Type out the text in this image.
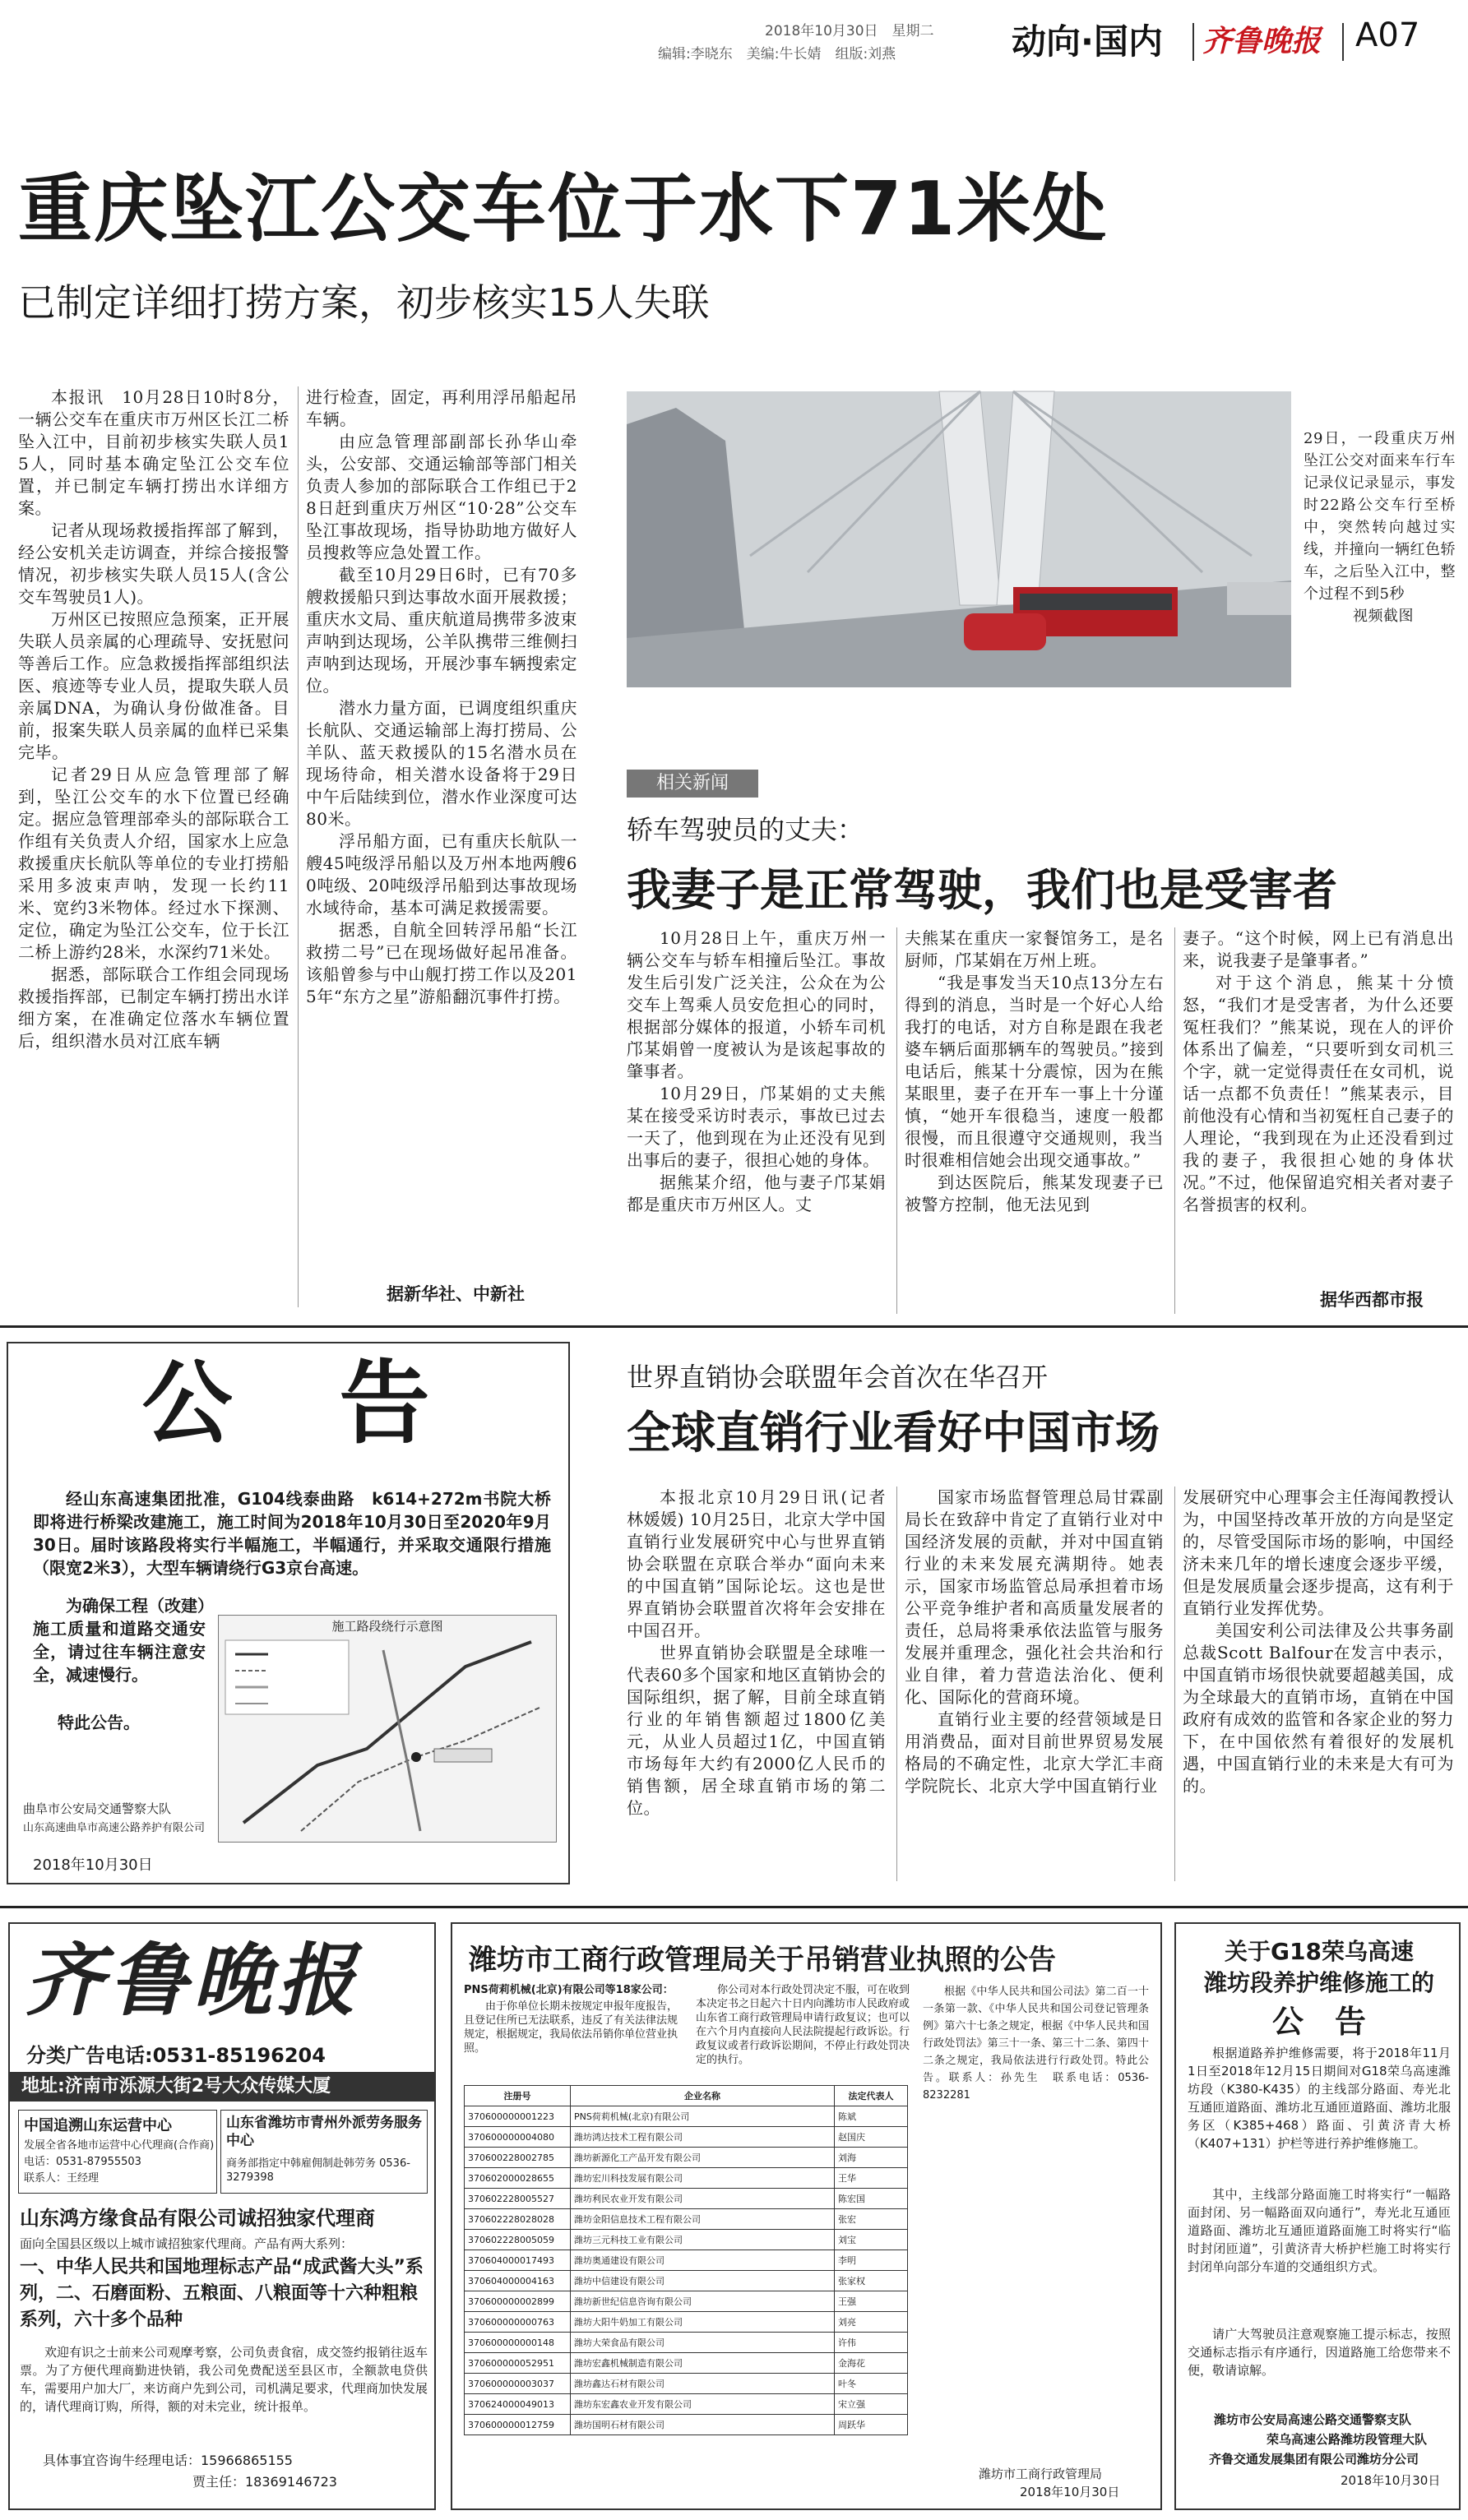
2018年10月30日　星期二
编辑:李晓东　美编:牛长婧　组版:刘燕	动向·国内 齐鲁晚报 A07
重庆坠江公交车位于水下71米处
已制定详细打捞方案，初步核实15人失联

本报讯　10月28日10时8分，一辆公交车在重庆市万州区长江二桥坠入江中，目前初步核实失联人员15人，同时基本确定坠江公交车位置，并已制定车辆打捞出水详细方案。

记者从现场救援指挥部了解到，经公安机关走访调查，并综合接报警情况，初步核实失联人员15人(含公交车驾驶员1人)。

万州区已按照应急预案，正开展失联人员亲属的心理疏导、安抚慰问等善后工作。应急救援指挥部组织法医、痕迹等专业人员，提取失联人员亲属DNA，为确认身份做准备。目前，报案失联人员亲属的血样已采集完毕。

记者29日从应急管理部了解到，坠江公交车的水下位置已经确定。据应急管理部牵头的部际联合工作组有关负责人介绍，国家水上应急救援重庆长航队等单位的专业打捞船采用多波束声呐，发现一长约11米、宽约3米物体。经过水下探测、定位，确定为坠江公交车，位于长江二桥上游约28米，水深约71米处。

据悉，部际联合工作组会同现场救援指挥部，已制定车辆打捞出水详细方案，在准确定位落水车辆位置后，组织潜水员对江底车辆

进行检查，固定，再利用浮吊船起吊车辆。

由应急管理部副部长孙华山牵头，公安部、交通运输部等部门相关负责人参加的部际联合工作组已于28日赶到重庆万州区“10·28”公交车坠江事故现场，指导协助地方做好人员搜救等应急处置工作。

截至10月29日6时，已有70多艘救援船只到达事故水面开展救援；重庆水文局、重庆航道局携带多波束声呐到达现场，公羊队携带三维侧扫声呐到达现场，开展沙事车辆搜索定位。

潜水力量方面，已调度组织重庆长航队、交通运输部上海打捞局、公羊队、蓝天救援队的15名潜水员在现场待命，相关潜水设备将于29日中午后陆续到位，潜水作业深度可达80米。

浮吊船方面，已有重庆长航队一艘45吨级浮吊船以及万州本地两艘60吨级、20吨级浮吊船到达事故现场水域待命，基本可满足救援需要。

据悉，自航全回转浮吊船“长江救捞二号”已在现场做好起吊准备。该船曾参与中山舰打捞工作以及2015年“东方之星”游船翻沉事件打捞。

据新华社、中新社
29日，一段重庆万州坠江公交对面来车行车记录仪记录显示，事发时22路公交车行至桥中，突然转向越过实线，并撞向一辆红色轿车，之后坠入江中，整个过程不到5秒
视频截图
相关新闻
轿车驾驶员的丈夫：
我妻子是正常驾驶，我们也是受害者

10月28日上午，重庆万州一辆公交车与轿车相撞后坠江。事故发生后引发广泛关注，公众在为公交车上驾乘人员安危担心的同时，根据部分媒体的报道，小轿车司机邝某娟曾一度被认为是该起事故的肇事者。

10月29日，邝某娟的丈夫熊某在接受采访时表示，事故已过去一天了，他到现在为止还没有见到出事后的妻子，很担心她的身体。

据熊某介绍，他与妻子邝某娟都是重庆市万州区人。丈

夫熊某在重庆一家餐馆务工，是名厨师，邝某娟在万州上班。

“我是事发当天10点13分左右得到的消息，当时是一个好心人给我打的电话，对方自称是跟在我老婆车辆后面那辆车的驾驶员。”接到电话后，熊某十分震惊，因为在熊某眼里，妻子在开车一事上十分谨慎，“她开车很稳当，速度一般都很慢，而且很遵守交通规则，我当时很难相信她会出现交通事故。”

到达医院后，熊某发现妻子已被警方控制，他无法见到

妻子。“这个时候，网上已有消息出来，说我妻子是肇事者。”

对于这个消息，熊某十分愤怒，“我们才是受害者，为什么还要冤枉我们？”熊某说，现在人的评价体系出了偏差，“只要听到女司机三个字，就一定觉得责任在女司机，说话一点都不负责任！”熊某表示，目前他没有心情和当初冤枉自己妻子的人理论，“我到现在为止还没看到过我的妻子，我很担心她的身体状况。”不过，他保留追究相关者对妻子名誉损害的权利。

据华西都市报
公　告
经山东高速集团批准，G104线泰曲路　k614+272m书院大桥即将进行桥梁改建施工，施工时间为2018年10月30日至2020年9月30日。届时该路段将实行半幅施工，半幅通行，并采取交通限行措施（限宽2米3），大型车辆请绕行G3京台高速。
为确保工程（改建）施工质量和道路交通安全，请过往车辆注意安全，减速慢行。
特此公告。
施工路段绕行示意图
曲阜市公安局交通警察大队
山东高速曲阜市高速公路养护有限公司
2018年10月30日
世界直销协会联盟年会首次在华召开
全球直销行业看好中国市场

本报北京10月29日讯(记者　林媛媛) 10月25日，北京大学中国直销行业发展研究中心与世界直销协会联盟在京联合举办“面向未来的中国直销”国际论坛。这也是世界直销协会联盟首次将年会安排在中国召开。

世界直销协会联盟是全球唯一代表60多个国家和地区直销协会的国际组织，据了解，目前全球直销行业的年销售额超过1800亿美元，从业人员超过1亿，中国直销市场每年大约有2000亿人民币的销售额，居全球直销市场的第二位。

国家市场监督管理总局甘霖副局长在致辞中肯定了直销行业对中国经济发展的贡献，并对中国直销行业的未来发展充满期待。她表示，国家市场监管总局承担着市场公平竞争维护者和高质量发展者的责任，总局将秉承依法监管与服务发展并重理念，强化社会共治和行业自律，着力营造法治化、便利化、国际化的营商环境。

直销行业主要的经营领域是日用消费品，面对目前世界贸易发展格局的不确定性，北京大学汇丰商学院院长、北京大学中国直销行业

发展研究中心理事会主任海闻教授认为，中国坚持改革开放的方向是坚定的，尽管受国际市场的影响，中国经济未来几年的增长速度会逐步平缓，但是发展质量会逐步提高，这有利于直销行业发挥优势。

美国安利公司法律及公共事务副总裁Scott Balfour在发言中表示，中国直销市场很快就要超越美国，成为全球最大的直销市场，直销在中国政府有成效的监管和各家企业的努力下，在中国依然有着很好的发展机遇，中国直销行业的未来是大有可为的。

齐鲁晚报
分类广告电话:0531-85196204
地址:济南市泺源大街2号大众传媒大厦
中国追溯山东运营中心
发展全省各地市运营中心代理商(合作商)
电话：0531-87955503
联系人：王经理
山东省潍坊市青州外派劳务服务中心
商务部指定中韩雇佣制赴韩劳务 0536-3279398
山东鸿方缘食品有限公司诚招独家代理商
面向全国县区级以上城市诚招独家代理商。产品有两大系列：
一、中华人民共和国地理标志产品“成武酱大头”系列，二、石磨面粉、五粮面、八粮面等十六种粗粮系列，六十多个品种
欢迎有识之士前来公司观摩考察，公司负责食宿，成交签约报销往返车票。为了方便代理商勤进快销，我公司免费配送至县区市，全额款电贷供车，需要用户加大厂，来访商户先到公司，司机满足要求，代理商加快发展的，请代理商订购，所得，额的对未完业，统计报单。
具体事宜咨询牛经理电话：15966865155
贾主任：18369146723
潍坊市工商行政管理局关于吊销营业执照的公告
PNS荷莉机械(北京)有限公司等18家公司：
由于你单位长期未按规定申报年度报告，且登记住所已无法联系，违反了有关法律法规规定，根据规定，我局依法吊销你单位营业执照。
你公司对本行政处罚决定不服，可在收到本决定书之日起六十日内向潍坊市人民政府或山东省工商行政管理局申请行政复议；也可以在六个月内直接向人民法院提起行政诉讼。行政复议或者行政诉讼期间，不停止行政处罚决定的执行。
注册号	企业名称	法定代表人
370600000001223	PNS荷莉机械(北京)有限公司	陈斌
370600000004080	潍坊鸿达技术工程有限公司	赵国庆
370600228002785	潍坊新源化工产品开发有限公司	刘海
370602000028655	潍坊宏川科技发展有限公司	王华
370602228005527	潍坊利民农业开发有限公司	陈宏国
370602228028028	潍坊金阳信息技术工程有限公司	张宏
370602228005059	潍坊三元科技工业有限公司	刘宝
370604000017493	潍坊奥通建设有限公司	李明
370604000004163	潍坊中信建设有限公司	张家权
370600000002899	潍坊新世纪信息咨询有限公司	王强
370600000000763	潍坊大阳牛奶加工有限公司	刘亮
370600000000148	潍坊大荣食品有限公司	许伟
370600000052951	潍坊宏鑫机械制造有限公司	金海花
370600000003037	潍坊鑫达石材有限公司	叶冬
370624000049013	潍坊东宏鑫农业开发有限公司	宋立强
370600000012759	潍坊国明石材有限公司	周跃华
根据《中华人民共和国公司法》第二百一十一条第一款、《中华人民共和国公司登记管理条例》第六十七条之规定，根据《中华人民共和国行政处罚法》第三十一条、第三十二条、第四十二条之规定，我局依法进行行政处罚。特此公告。联系人：孙先生　联系电话：0536-8232281
潍坊市工商行政管理局
2018年10月30日
关于G18荣乌高速
潍坊段养护维修施工的
公　告
根据道路养护维修需要，将于2018年11月1日至2018年12月15日期间对G18荣乌高速潍坊段（K380-K435）的主线部分路面、寿光北互通匝道路面、潍坊北互通匝道路面、潍坊北服务区（K385+468）路面、引黄济青大桥（K407+131）护栏等进行养护维修施工。
其中，主线部分路面施工时将实行“一幅路面封闭、另一幅路面双向通行”，寿光北互通匝道路面、潍坊北互通匝道路面施工时将实行“临时封闭匝道”，引黄济青大桥护栏施工时将实行封闭单向部分车道的交通组织方式。
请广大驾驶员注意观察施工提示标志，按照交通标志指示有序通行，因道路施工给您带来不便，敬请谅解。
潍坊市公安局高速公路交通警察支队
荣乌高速公路潍坊段管理大队
齐鲁交通发展集团有限公司潍坊分公司
2018年10月30日
